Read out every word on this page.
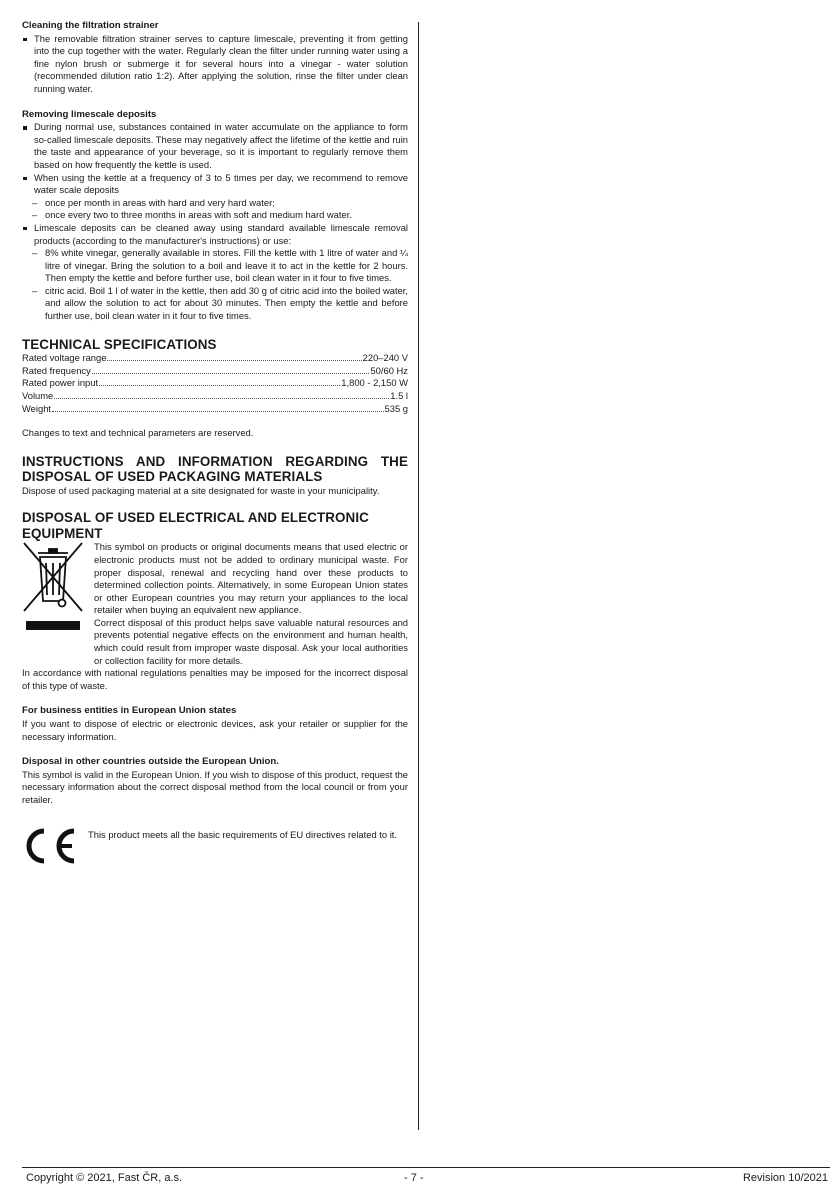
Cleaning the filtration strainer

The removable filtration strainer serves to capture limescale, preventing it from getting into the cup together with the water. Regularly clean the filter under running water using a fine nylon brush or submerge it for several hours into a vinegar - water solution (recommended dilution ratio 1:2). After applying the solution, rinse the filter under clean running water.

Removing limescale deposits

During normal use, substances contained in water accumulate on the appliance to form so-called limescale deposits. These may negatively affect the lifetime of the kettle and ruin the taste and appearance of your beverage, so it is important to regularly remove them based on how frequently the kettle is used.
When using the kettle at a frequency of 3 to 5 times per day, we recommend to remove water scale deposits
– once per month in areas with hard and very hard water;
– once every two to three months in areas with soft and medium hard water.
Limescale deposits can be cleaned away using standard available limescale removal products (according to the manufacturer's instructions) or use:
– 8% white vinegar, generally available in stores. Fill the kettle with 1 litre of water and ¼ litre of vinegar. Bring the solution to a boil and leave it to act in the kettle for 2 hours. Then empty the kettle and before further use, boil clean water in it four to five times.
– citric acid. Boil 1 l of water in the kettle, then add 30 g of citric acid into the boiled water, and allow the solution to act for about 30 minutes. Then empty the kettle and before further use, boil clean water in it four to five times.

TECHNICAL SPECIFICATIONS

Rated voltage range	220–240 V
Rated frequency	50/60 Hz
Rated power input	1,800 - 2,150 W
Volume	1.5 l
Weight	535 g

Changes to text and technical parameters are reserved.

INSTRUCTIONS AND INFORMATION REGARDING THE

DISPOSAL OF USED PACKAGING MATERIALS

Dispose of used packaging material at a site designated for waste in your municipality.

DISPOSAL OF USED ELECTRICAL AND ELECTRONIC

EQUIPMENT

This symbol on products or original documents means that used electric or electronic products must not be added to ordinary municipal waste. For proper disposal, renewal and recycling hand over these products to determined collection points. Alternatively, in some European Union states or other European countries you may return your appliances to the local retailer when buying an equivalent new appliance.

Correct disposal of this product helps save valuable natural resources and prevents potential negative effects on the environment and human health, which could result from improper waste disposal. Ask your local authorities or collection facility for more details.

In accordance with national regulations penalties may be imposed for the incorrect disposal of this type of waste.

For business entities in European Union states

If you want to dispose of electric or electronic devices, ask your retailer or supplier for the necessary information.

Disposal in other countries outside the European Union.

This symbol is valid in the European Union. If you wish to dispose of this product, request the necessary information about the correct disposal method from the local council or from your retailer.

This product meets all the basic requirements of EU directives related to it.

Copyright © 2021, Fast ČR, a.s.	- 7 -	Revision 10/2021
